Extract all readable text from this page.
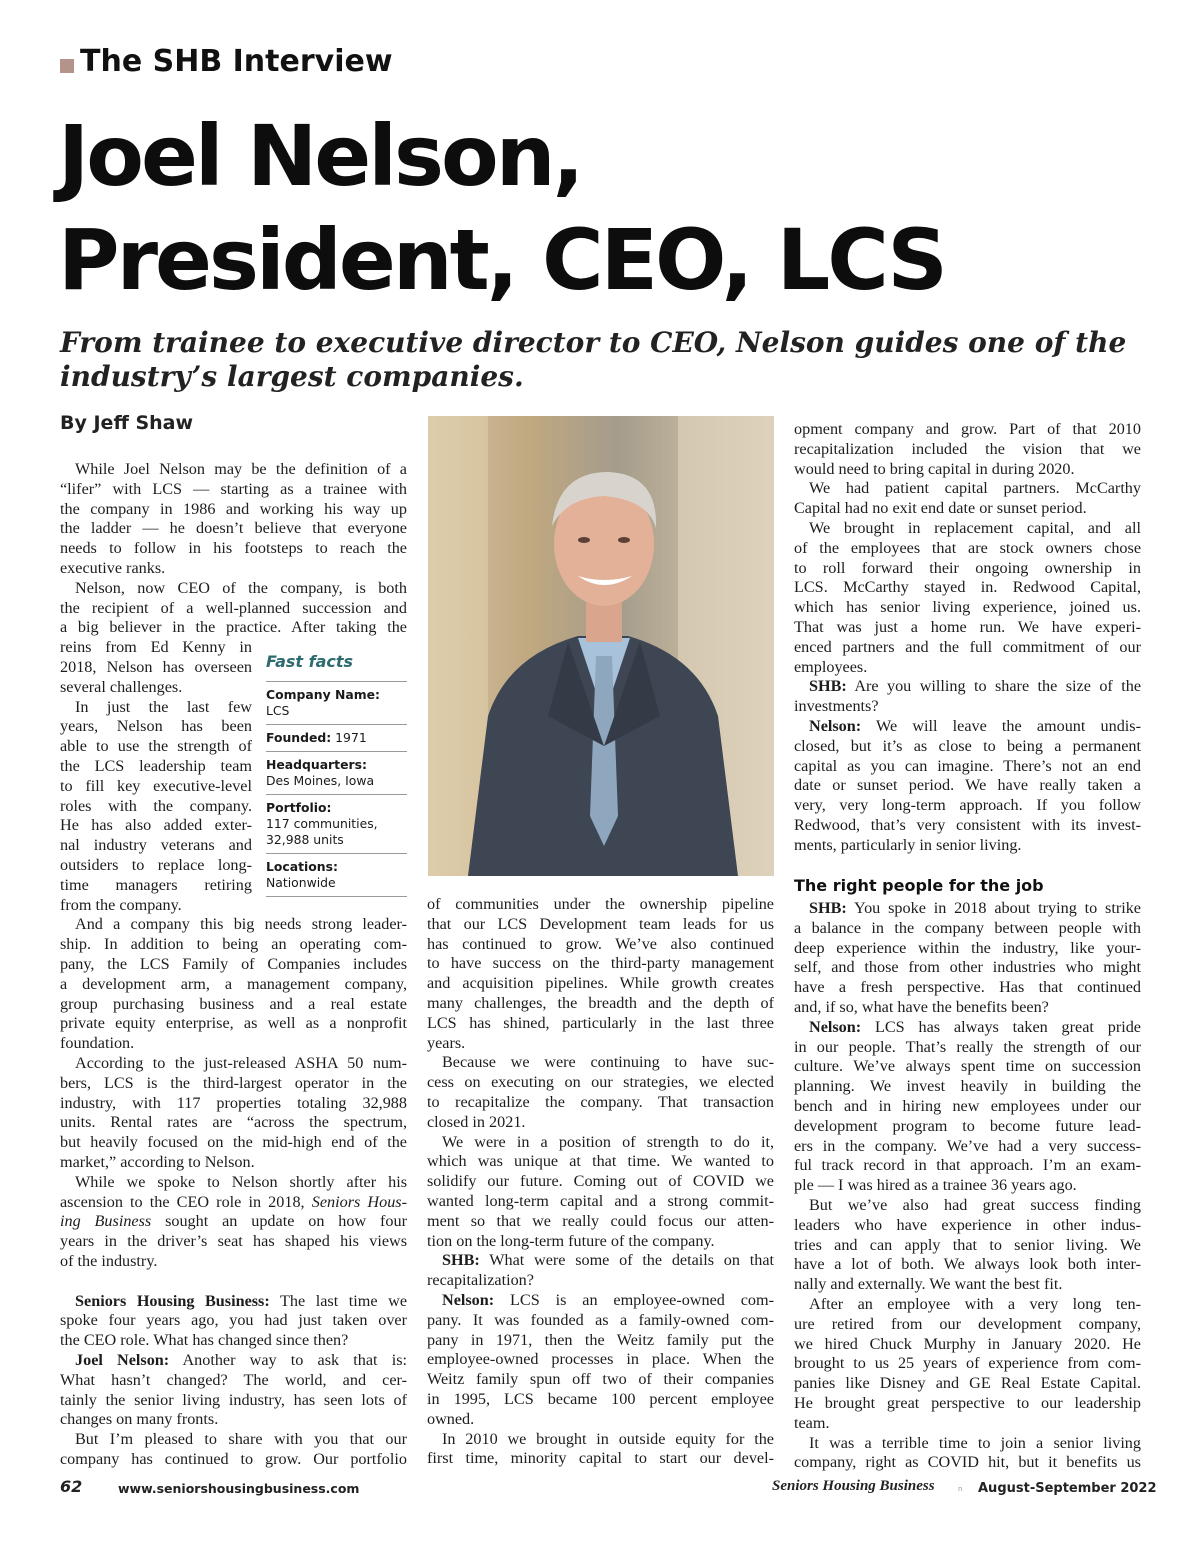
The SHB Interview
Joel Nelson,
President, CEO, LCS
From trainee to executive director to CEO, Nelson guides one of the
industry’s largest companies.
By Jeff Shaw
While Joel Nelson may be the definition of a
“lifer” with LCS — starting as a trainee with
the company in 1986 and working his way up
the ladder — he doesn’t believe that everyone
needs to follow in his footsteps to reach the
executive ranks.
Nelson, now CEO of the company, is both
the recipient of a well-planned succession and
a big believer in the practice. After taking the
reins from Ed Kenny in
2018, Nelson has overseen
several challenges.
In just the last few
years, Nelson has been
able to use the strength of
the LCS leadership team
to fill key executive-level
roles with the company.
He has also added exter-
nal industry veterans and
outsiders to replace long-
time managers retiring
from the company.
And a company this big needs strong leader-
ship. In addition to being an operating com-
pany, the LCS Family of Companies includes
a development arm, a management company,
group purchasing business and a real estate
private equity enterprise, as well as a nonprofit
foundation.
According to the just-released ASHA 50 num-
bers, LCS is the third-largest operator in the
industry, with 117 properties totaling 32,988
units. Rental rates are “across the spectrum,
but heavily focused on the mid-high end of the
market,” according to Nelson.
While we spoke to Nelson shortly after his
ascension to the CEO role in 2018, Seniors Hous-
ing Business sought an update on how four
years in the driver’s seat has shaped his views
of the industry.
Seniors Housing Business: The last time we
spoke four years ago, you had just taken over
the CEO role. What has changed since then?
Joel Nelson: Another way to ask that is:
What hasn’t changed? The world, and cer-
tainly the senior living industry, has seen lots of
changes on many fronts.
But I’m pleased to share with you that our
company has continued to grow. Our portfolio
Fast facts
Company Name:
LCS
Founded: 1971
Headquarters:
Des Moines, Iowa
Portfolio:
117 communities, 32,988 units
Locations:
Nationwide
of communities under the ownership pipeline
that our LCS Development team leads for us
has continued to grow. We’ve also continued
to have success on the third-party management
and acquisition pipelines. While growth creates
many challenges, the breadth and the depth of
LCS has shined, particularly in the last three
years.
Because we were continuing to have suc-
cess on executing on our strategies, we elected
to recapitalize the company. That transaction
closed in 2021.
We were in a position of strength to do it,
which was unique at that time. We wanted to
solidify our future. Coming out of COVID we
wanted long-term capital and a strong commit-
ment so that we really could focus our atten-
tion on the long-term future of the company.
SHB: What were some of the details on that
recapitalization?
Nelson: LCS is an employee-owned com-
pany. It was founded as a family-owned com-
pany in 1971, then the Weitz family put the
employee-owned processes in place. When the
Weitz family spun off two of their companies
in 1995, LCS became 100 percent employee
owned.
In 2010 we brought in outside equity for the
first time, minority capital to start our devel-
opment company and grow. Part of that 2010
recapitalization included the vision that we
would need to bring capital in during 2020.
We had patient capital partners. McCarthy
Capital had no exit end date or sunset period.
We brought in replacement capital, and all
of the employees that are stock owners chose
to roll forward their ongoing ownership in
LCS. McCarthy stayed in. Redwood Capital,
which has senior living experience, joined us.
That was just a home run. We have experi-
enced partners and the full commitment of our
employees.
SHB: Are you willing to share the size of the
investments?
Nelson: We will leave the amount undis-
closed, but it’s as close to being a permanent
capital as you can imagine. There’s not an end
date or sunset period. We have really taken a
very, very long-term approach. If you follow
Redwood, that’s very consistent with its invest-
ments, particularly in senior living.
The right people for the job
SHB: You spoke in 2018 about trying to strike
a balance in the company between people with
deep experience within the industry, like your-
self, and those from other industries who might
have a fresh perspective. Has that continued
and, if so, what have the benefits been?
Nelson: LCS has always taken great pride
in our people. That’s really the strength of our
culture. We’ve always spent time on succession
planning. We invest heavily in building the
bench and in hiring new employees under our
development program to become future lead-
ers in the company. We’ve had a very success-
ful track record in that approach. I’m an exam-
ple — I was hired as a trainee 36 years ago.
But we’ve also had great success finding
leaders who have experience in other indus-
tries and can apply that to senior living. We
have a lot of both. We always look both inter-
nally and externally. We want the best fit.
After an employee with a very long ten-
ure retired from our development company,
we hired Chuck Murphy in January 2020. He
brought to us 25 years of experience from com-
panies like Disney and GE Real Estate Capital.
He brought great perspective to our leadership
team.
It was a terrible time to join a senior living
company, right as COVID hit, but it benefits us
62	www.seniorshousingbusiness.com	Seniors Housing Business	n August-September 2022
